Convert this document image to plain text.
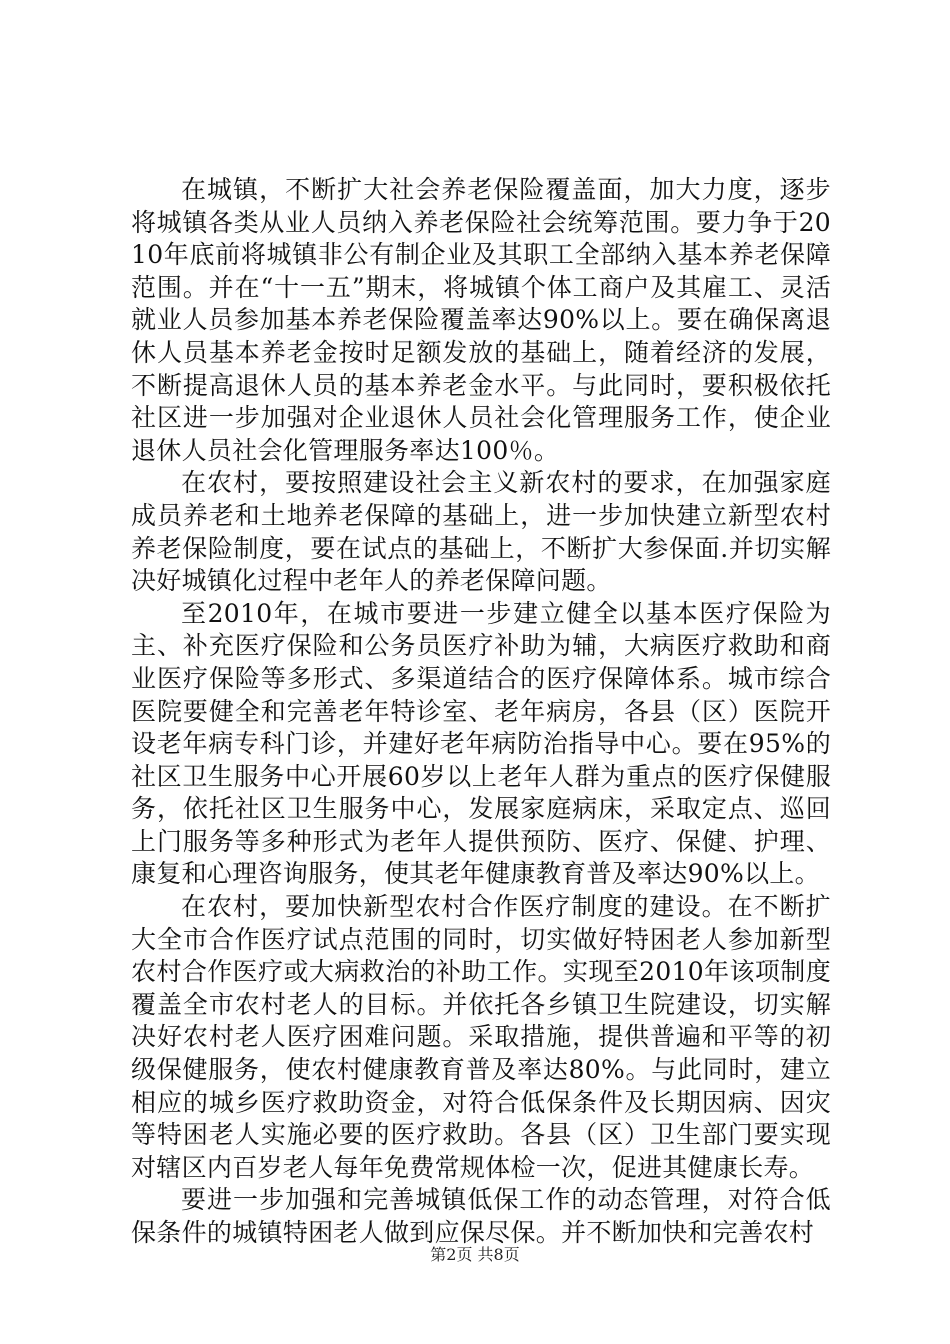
在城镇，不断扩大社会养老保险覆盖面，加大力度，逐步将城镇各类从业人员纳入养老保险社会统筹范围。要力争于2010年底前将城镇非公有制企业及其职工全部纳入基本养老保障范围。并在“十一五”期末，将城镇个体工商户及其雇工、灵活就业人员参加基本养老保险覆盖率达90%以上。要在确保离退休人员基本养老金按时足额发放的基础上，随着经济的发展，不断提高退休人员的基本养老金水平。与此同时，要积极依托社区进一步加强对企业退休人员社会化管理服务工作，使企业退休人员社会化管理服务率达100％。

在农村，要按照建设社会主义新农村的要求，在加强家庭成员养老和土地养老保障的基础上，进一步加快建立新型农村养老保险制度，要在试点的基础上，不断扩大参保面.并切实解决好城镇化过程中老年人的养老保障问题。

至2010年，在城市要进一步建立健全以基本医疗保险为主、补充医疗保险和公务员医疗补助为辅，大病医疗救助和商业医疗保险等多形式、多渠道结合的医疗保障体系。城市综合医院要健全和完善老年特诊室、老年病房，各县（区）医院开设老年病专科门诊，并建好老年病防治指导中心。要在95%的社区卫生服务中心开展60岁以上老年人群为重点的医疗保健服务，依托社区卫生服务中心，发展家庭病床，采取定点、巡回上门服务等多种形式为老年人提供预防、医疗、保健、护理、康复和心理咨询服务，使其老年健康教育普及率达90%以上。

在农村，要加快新型农村合作医疗制度的建设。在不断扩大全市合作医疗试点范围的同时，切实做好特困老人参加新型农村合作医疗或大病救治的补助工作。实现至2010年该项制度覆盖全市农村老人的目标。并依托各乡镇卫生院建设，切实解决好农村老人医疗困难问题。采取措施，提供普遍和平等的初级保健服务，使农村健康教育普及率达80%。与此同时，建立相应的城乡医疗救助资金，对符合低保条件及长期因病、因灾等特困老人实施必要的医疗救助。各县（区）卫生部门要实现对辖区内百岁老人每年免费常规体检一次，促进其健康长寿。

要进一步加强和完善城镇低保工作的动态管理，对符合低保条件的城镇特困老人做到应保尽保。并不断加快和完善农村

第2页 共8页
